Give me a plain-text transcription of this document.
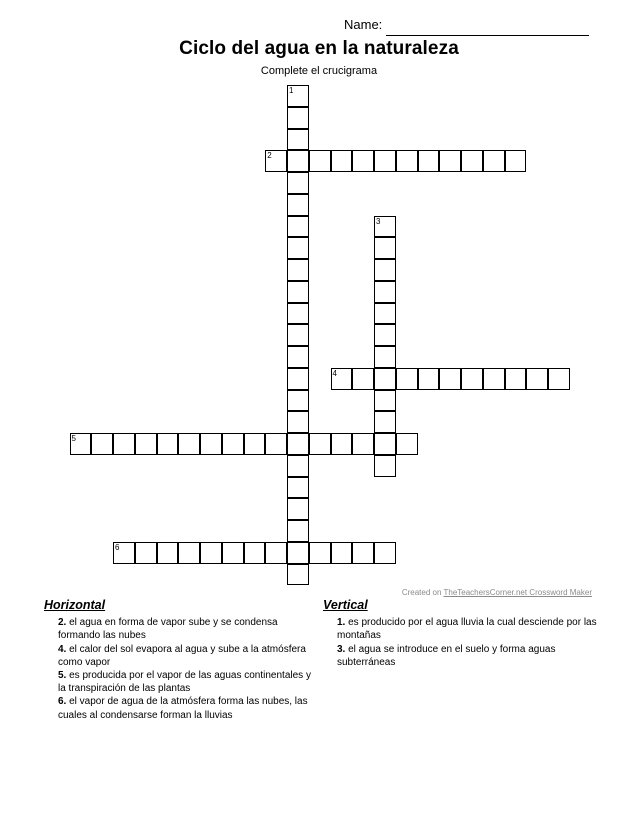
Name:
Ciclo del agua en la naturaleza
Complete el crucigrama
1
2
3
4
5
6
Created on TheTeachersCorner.net Crossword Maker
Horizontal
2. el agua en forma de vapor sube y se condensa formando las nubes
4. el calor del sol evapora al agua y sube a la atmósfera como vapor
5. es producida por el vapor de las aguas continentales y la transpiración de las plantas
6. el vapor de agua de la atmósfera forma las nubes, las cuales al condensarse forman la lluvias
Vertical
1. es producido por el agua lluvia la cual desciende por las montañas
3. el agua se introduce en el suelo y forma aguas subterráneas
